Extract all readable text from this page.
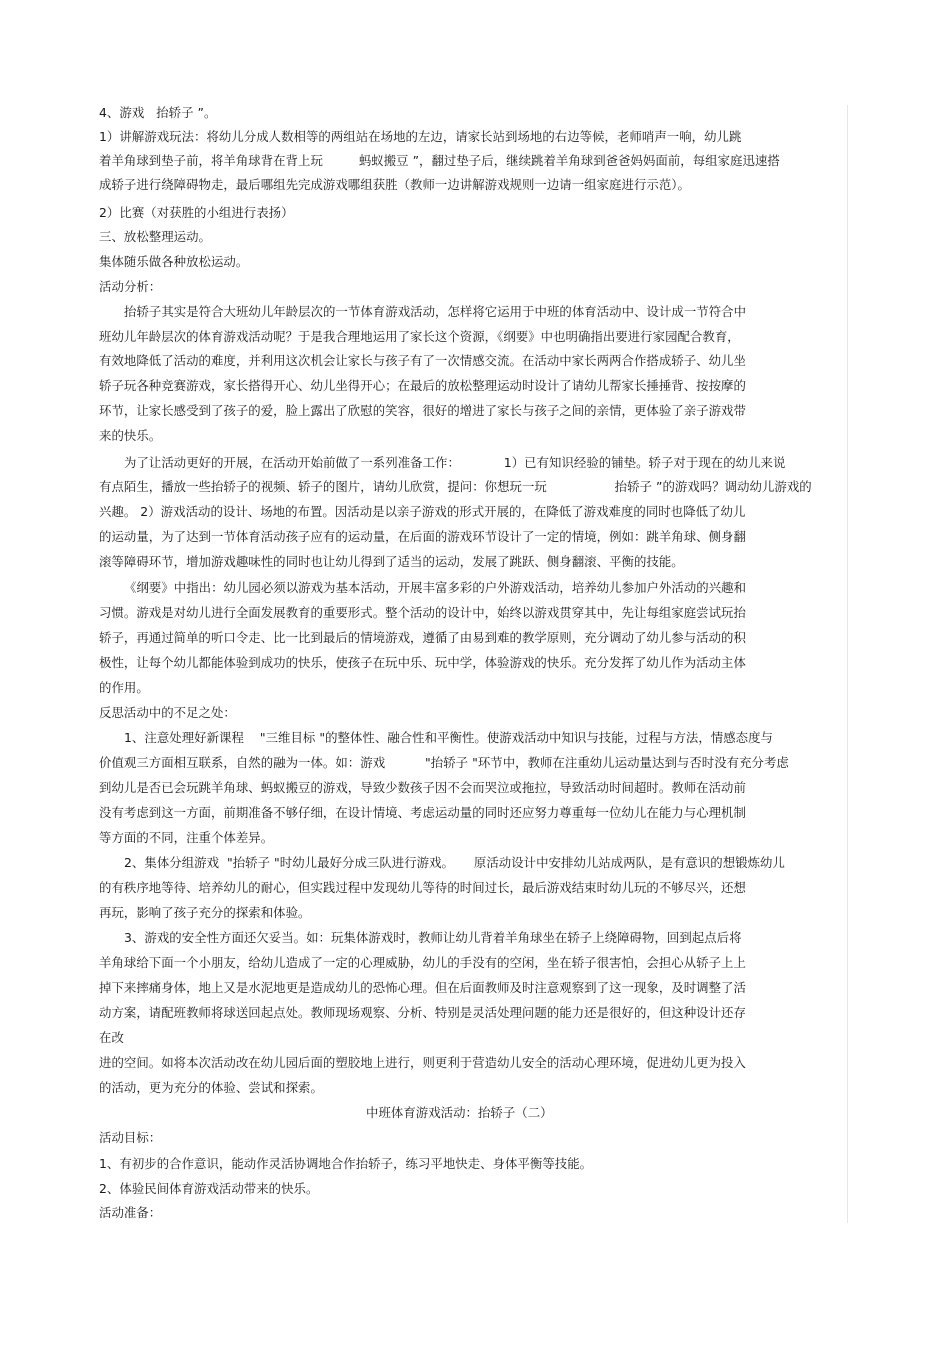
4、游戏   抬轿子 ”。
1）讲解游戏玩法：将幼儿分成人数相等的两组站在场地的左边，请家长站到场地的右边等候，老师哨声一响，幼儿跳
着羊角球到垫子前，将羊角球背在背上玩         蚂蚁搬豆 ”，翻过垫子后，继续跳着羊角球到爸爸妈妈面前，每组家庭迅速搭
成轿子进行绕障碍物走，最后哪组先完成游戏哪组获胜（教师一边讲解游戏规则一边请一组家庭进行示范）。
2）比赛（对获胜的小组进行表扬）
三、放松整理运动。
集体随乐做各种放松运动。
活动分析：
抬轿子其实是符合大班幼儿年龄层次的一节体育游戏活动，怎样将它运用于中班的体育活动中、设计成一节符合中
班幼儿年龄层次的体育游戏活动呢？于是我合理地运用了家长这个资源，《纲要》中也明确指出要进行家园配合教育，
有效地降低了活动的难度，并利用这次机会让家长与孩子有了一次情感交流。在活动中家长两两合作搭成轿子、幼儿坐
轿子玩各种竞赛游戏，家长搭得开心、幼儿坐得开心；在最后的放松整理运动时设计了请幼儿帮家长捶捶背、按按摩的
环节，让家长感受到了孩子的爱，脸上露出了欣慰的笑容，很好的增进了家长与孩子之间的亲情，更体验了亲子游戏带
来的快乐。
为了让活动更好的开展，在活动开始前做了一系列准备工作：           1）已有知识经验的铺垫。轿子对于现在的幼儿来说
有点陌生，播放一些抬轿子的视频、轿子的图片，请幼儿欣赏，提问：你想玩一玩                 抬轿子 ”的游戏吗？调动幼儿游戏的
兴趣。 2）游戏活动的设计、场地的布置。因活动是以亲子游戏的形式开展的，在降低了游戏难度的同时也降低了幼儿
的运动量，为了达到一节体育活动孩子应有的运动量，在后面的游戏环节设计了一定的情境，例如：跳羊角球、侧身翻
滚等障碍环节，增加游戏趣味性的同时也让幼儿得到了适当的运动，发展了跳跃、侧身翻滚、平衡的技能。
《纲要》中指出：幼儿园必须以游戏为基本活动，开展丰富多彩的户外游戏活动，培养幼儿参加户外活动的兴趣和
习惯。游戏是对幼儿进行全面发展教育的重要形式。整个活动的设计中，始终以游戏贯穿其中，先让每组家庭尝试玩抬
轿子，再通过简单的听口令走、比一比到最后的情境游戏，遵循了由易到难的教学原则，充分调动了幼儿参与活动的积
极性，让每个幼儿都能体验到成功的快乐，使孩子在玩中乐、玩中学，体验游戏的快乐。充分发挥了幼儿作为活动主体
的作用。
反思活动中的不足之处：
1、注意处理好新课程    "三维目标 "的整体性、融合性和平衡性。使游戏活动中知识与技能，过程与方法，情感态度与
价值观三方面相互联系，自然的融为一体。如：游戏          "抬轿子 "环节中，教师在注重幼儿运动量达到与否时没有充分考虑
到幼儿是否已会玩跳羊角球、蚂蚁搬豆的游戏，导致少数孩子因不会而哭泣或拖拉，导致活动时间超时。教师在活动前
没有考虑到这一方面，前期准备不够仔细，在设计情境、考虑运动量的同时还应努力尊重每一位幼儿在能力与心理机制
等方面的不同，注重个体差异。
2、集体分组游戏  "抬轿子 "时幼儿最好分成三队进行游戏。     原活动设计中安排幼儿站成两队，是有意识的想锻炼幼儿
的有秩序地等待、培养幼儿的耐心，但实践过程中发现幼儿等待的时间过长，最后游戏结束时幼儿玩的不够尽兴，还想
再玩，影响了孩子充分的探索和体验。
3、游戏的安全性方面还欠妥当。如：玩集体游戏时，教师让幼儿背着羊角球坐在轿子上绕障碍物，回到起点后将
羊角球给下面一个小朋友，给幼儿造成了一定的心理威胁，幼儿的手没有的空闲，坐在轿子很害怕，会担心从轿子上上
掉下来摔痛身体，地上又是水泥地更是造成幼儿的恐怖心理。但在后面教师及时注意观察到了这一现象，及时调整了活
动方案，请配班教师将球送回起点处。教师现场观察、分析、特别是灵活处理问题的能力还是很好的，但这种设计还存
在改
进的空间。如将本次活动改在幼儿园后面的塑胶地上进行，则更利于营造幼儿安全的活动心理环境，促进幼儿更为投入
的活动，更为充分的体验、尝试和探索。
中班体育游戏活动：抬轿子（二）
活动目标：
1、有初步的合作意识，能动作灵活协调地合作抬轿子，练习平地快走、身体平衡等技能。
2、体验民间体育游戏活动带来的快乐。
活动准备：
